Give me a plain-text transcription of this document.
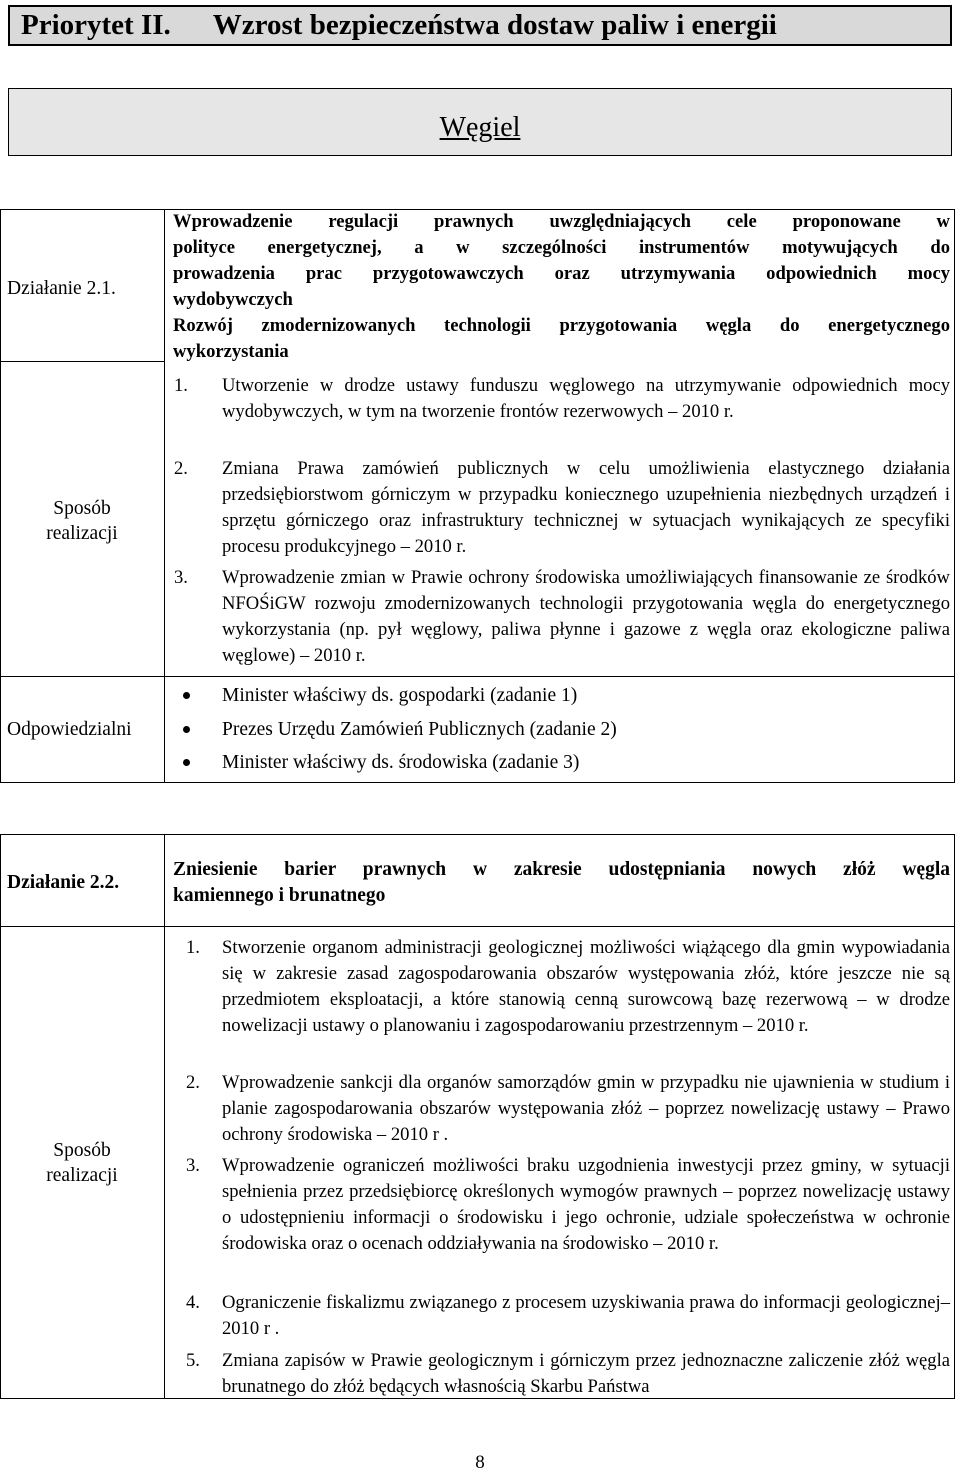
Priorytet II. Wzrost bezpieczeństwa dostaw paliw i energii
Węgiel
Działanie 2.1.
Sposób
realizacji
Odpowiedzialni
Wprowadzenie regulacji prawnych uwzględniających cele proponowane w
polityce energetycznej, a w szczególności instrumentów motywujących do
prowadzenia prac przygotowawczych oraz utrzymywania odpowiednich mocy
wydobywczych
Rozwój zmodernizowanych technologii przygotowania węgla do energetycznego
wykorzystania
1. Utworzenie w drodze ustawy funduszu węglowego na utrzymywanie odpowiednich mocy wydobywczych, w tym na tworzenie frontów rezerwowych – 2010 r.
2. Zmiana Prawa zamówień publicznych w celu umożliwienia elastycznego działania przedsiębiorstwom górniczym w przypadku koniecznego uzupełnienia niezbędnych urządzeń i sprzętu górniczego oraz infrastruktury technicznej w sytuacjach wynikających ze specyfiki procesu produkcyjnego – 2010 r.
3. Wprowadzenie zmian w Prawie ochrony środowiska umożliwiających finansowanie ze środków NFOŚiGW rozwoju zmodernizowanych technologii przygotowania węgla do energetycznego wykorzystania (np. pył węglowy, paliwa płynne i gazowe z węgla oraz ekologiczne paliwa węglowe) – 2010 r.
Minister właściwy ds. gospodarki (zadanie 1)
Prezes Urzędu Zamówień Publicznych (zadanie 2)
Minister właściwy ds. środowiska (zadanie 3)
Działanie 2.2.
Sposób
realizacji
Zniesienie barier prawnych w zakresie udostępniania nowych złóż węgla
kamiennego i brunatnego
1. Stworzenie organom administracji geologicznej możliwości wiążącego dla gmin wypowiadania się w zakresie zasad zagospodarowania obszarów występowania złóż, które jeszcze nie są przedmiotem eksploatacji, a które stanowią cenną surowcową bazę rezerwową – w drodze nowelizacji ustawy o planowaniu i zagospodarowaniu przestrzennym – 2010 r.
2. Wprowadzenie sankcji dla organów samorządów gmin w przypadku nie ujawnienia w studium i planie zagospodarowania obszarów występowania złóż – poprzez nowelizację ustawy – Prawo ochrony środowiska – 2010 r .
3. Wprowadzenie ograniczeń możliwości braku uzgodnienia inwestycji przez gminy, w sytuacji spełnienia przez przedsiębiorcę określonych wymogów prawnych – poprzez nowelizację ustawy o udostępnieniu informacji o środowisku i jego ochronie, udziale społeczeństwa w ochronie środowiska oraz o ocenach oddziaływania na środowisko – 2010 r.
4. Ograniczenie fiskalizmu związanego z procesem uzyskiwania prawa do informacji geologicznej– 2010 r .
5. Zmiana zapisów w Prawie geologicznym i górniczym przez jednoznaczne zaliczenie złóż węgla brunatnego do złóż będących własnością Skarbu Państwa
8
